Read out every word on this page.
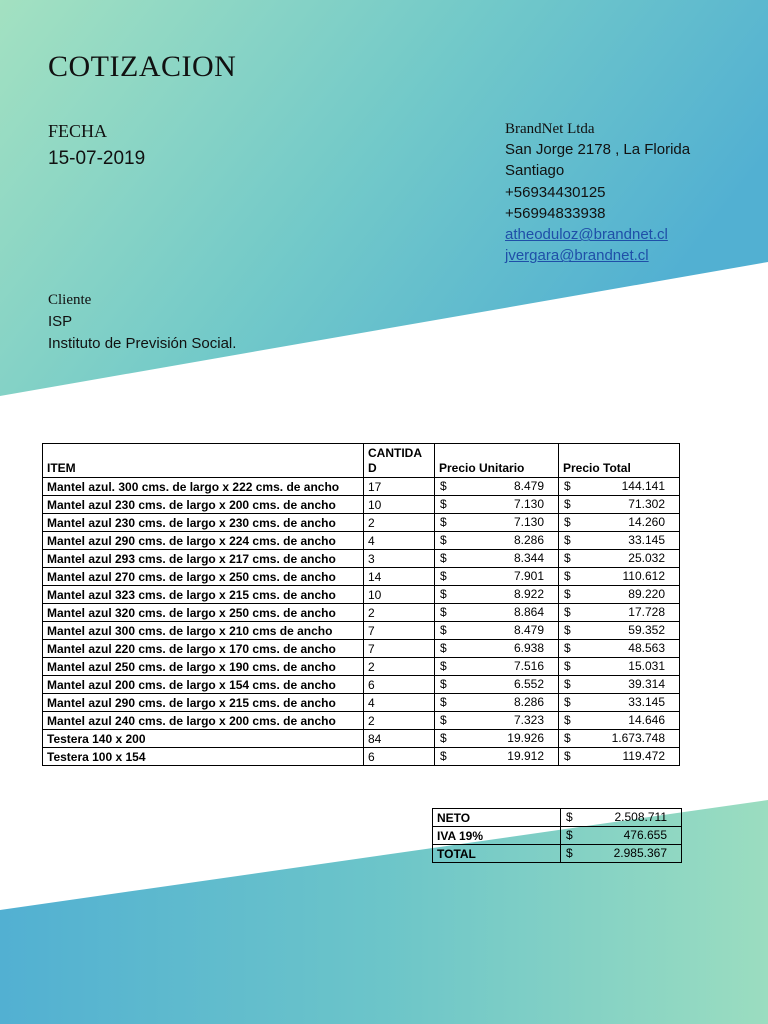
COTIZACION
FECHA
15-07-2019
BrandNet Ltda
San Jorge 2178 , La Florida
Santiago
+56934430125
+56994833938
atheoduloz@brandnet.cl
jvergara@brandnet.cl
Cliente
ISP
Instituto de Previsión Social.
ITEM	CANTIDA
D	Precio Unitario	Precio Total
Mantel azul. 300 cms. de largo x 222 cms. de ancho	17	$ 8.479	$ 144.141

Mantel azul 230 cms. de largo x 200 cms. de ancho	10	$ 7.130	$ 71.302

Mantel azul 230 cms. de largo x 230 cms. de ancho	2	$ 7.130	$ 14.260

Mantel azul 290 cms. de largo x 224 cms. de ancho	4	$ 8.286	$ 33.145

Mantel azul 293 cms. de largo x 217 cms. de ancho	3	$ 8.344	$ 25.032

Mantel azul 270 cms. de largo x 250 cms. de ancho	14	$ 7.901	$ 110.612

Mantel azul 323 cms. de largo x 215 cms. de ancho	10	$ 8.922	$ 89.220

Mantel azul 320 cms. de largo x 250 cms. de ancho	2	$ 8.864	$ 17.728

Mantel azul 300 cms. de largo x 210 cms de ancho	7	$ 8.479	$ 59.352

Mantel azul 220 cms. de largo x 170 cms. de ancho	7	$ 6.938	$ 48.563

Mantel azul 250 cms. de largo x 190 cms. de ancho	2	$ 7.516	$ 15.031

Mantel azul 200 cms. de largo x 154 cms. de ancho	6	$ 6.552	$ 39.314

Mantel azul 290 cms. de largo x 215 cms. de ancho	4	$ 8.286	$ 33.145

Mantel azul 240 cms. de largo x 200 cms. de ancho	2	$ 7.323	$ 14.646

Testera 140 x 200	84	$ 19.926	$ 1.673.748

Testera 100 x 154	6	$ 19.912	$ 119.472
NETO	$ 2.508.711

IVA 19%	$ 476.655

TOTAL	$ 2.985.367
